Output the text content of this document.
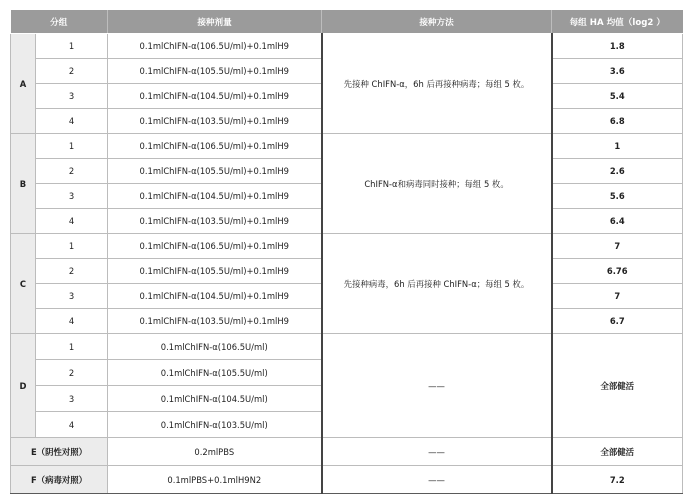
分组		接种剂量	接种方法	每组 HA 均值（log2 ）
A	1	0.1mlChIFN-α(106.5U/ml)+0.1mlH9	先接种 ChIFN-α，6h 后再接种病毒；每组 5 枚。	1.8
	2	0.1mlChIFN-α(105.5U/ml)+0.1mlH9		3.6
	3	0.1mlChIFN-α(104.5U/ml)+0.1mlH9		5.4
	4	0.1mlChIFN-α(103.5U/ml)+0.1mlH9		6.8
B	1	0.1mlChIFN-α(106.5U/ml)+0.1mlH9	ChIFN-α和病毒同时接种；每组 5 枚。	1
	2	0.1mlChIFN-α(105.5U/ml)+0.1mlH9		2.6
	3	0.1mlChIFN-α(104.5U/ml)+0.1mlH9		5.6
	4	0.1mlChIFN-α(103.5U/ml)+0.1mlH9		6.4
C	1	0.1mlChIFN-α(106.5U/ml)+0.1mlH9	先接种病毒，6h 后再接种 ChIFN-α；每组 5 枚。	7
	2	0.1mlChIFN-α(105.5U/ml)+0.1mlH9		6.76
	3	0.1mlChIFN-α(104.5U/ml)+0.1mlH9		7
	4	0.1mlChIFN-α(103.5U/ml)+0.1mlH9		6.7
D	1	0.1mlChIFN-α(106.5U/ml)	——	全部健活
	2	0.1mlChIFN-α(105.5U/ml)		
	3	0.1mlChIFN-α(104.5U/ml)		
	4	0.1mlChIFN-α(103.5U/ml)		
E（阴性对照）		0.2mlPBS	——	全部健活
F（病毒对照）		0.1mlPBS+0.1mlH9N2	——	7.2
